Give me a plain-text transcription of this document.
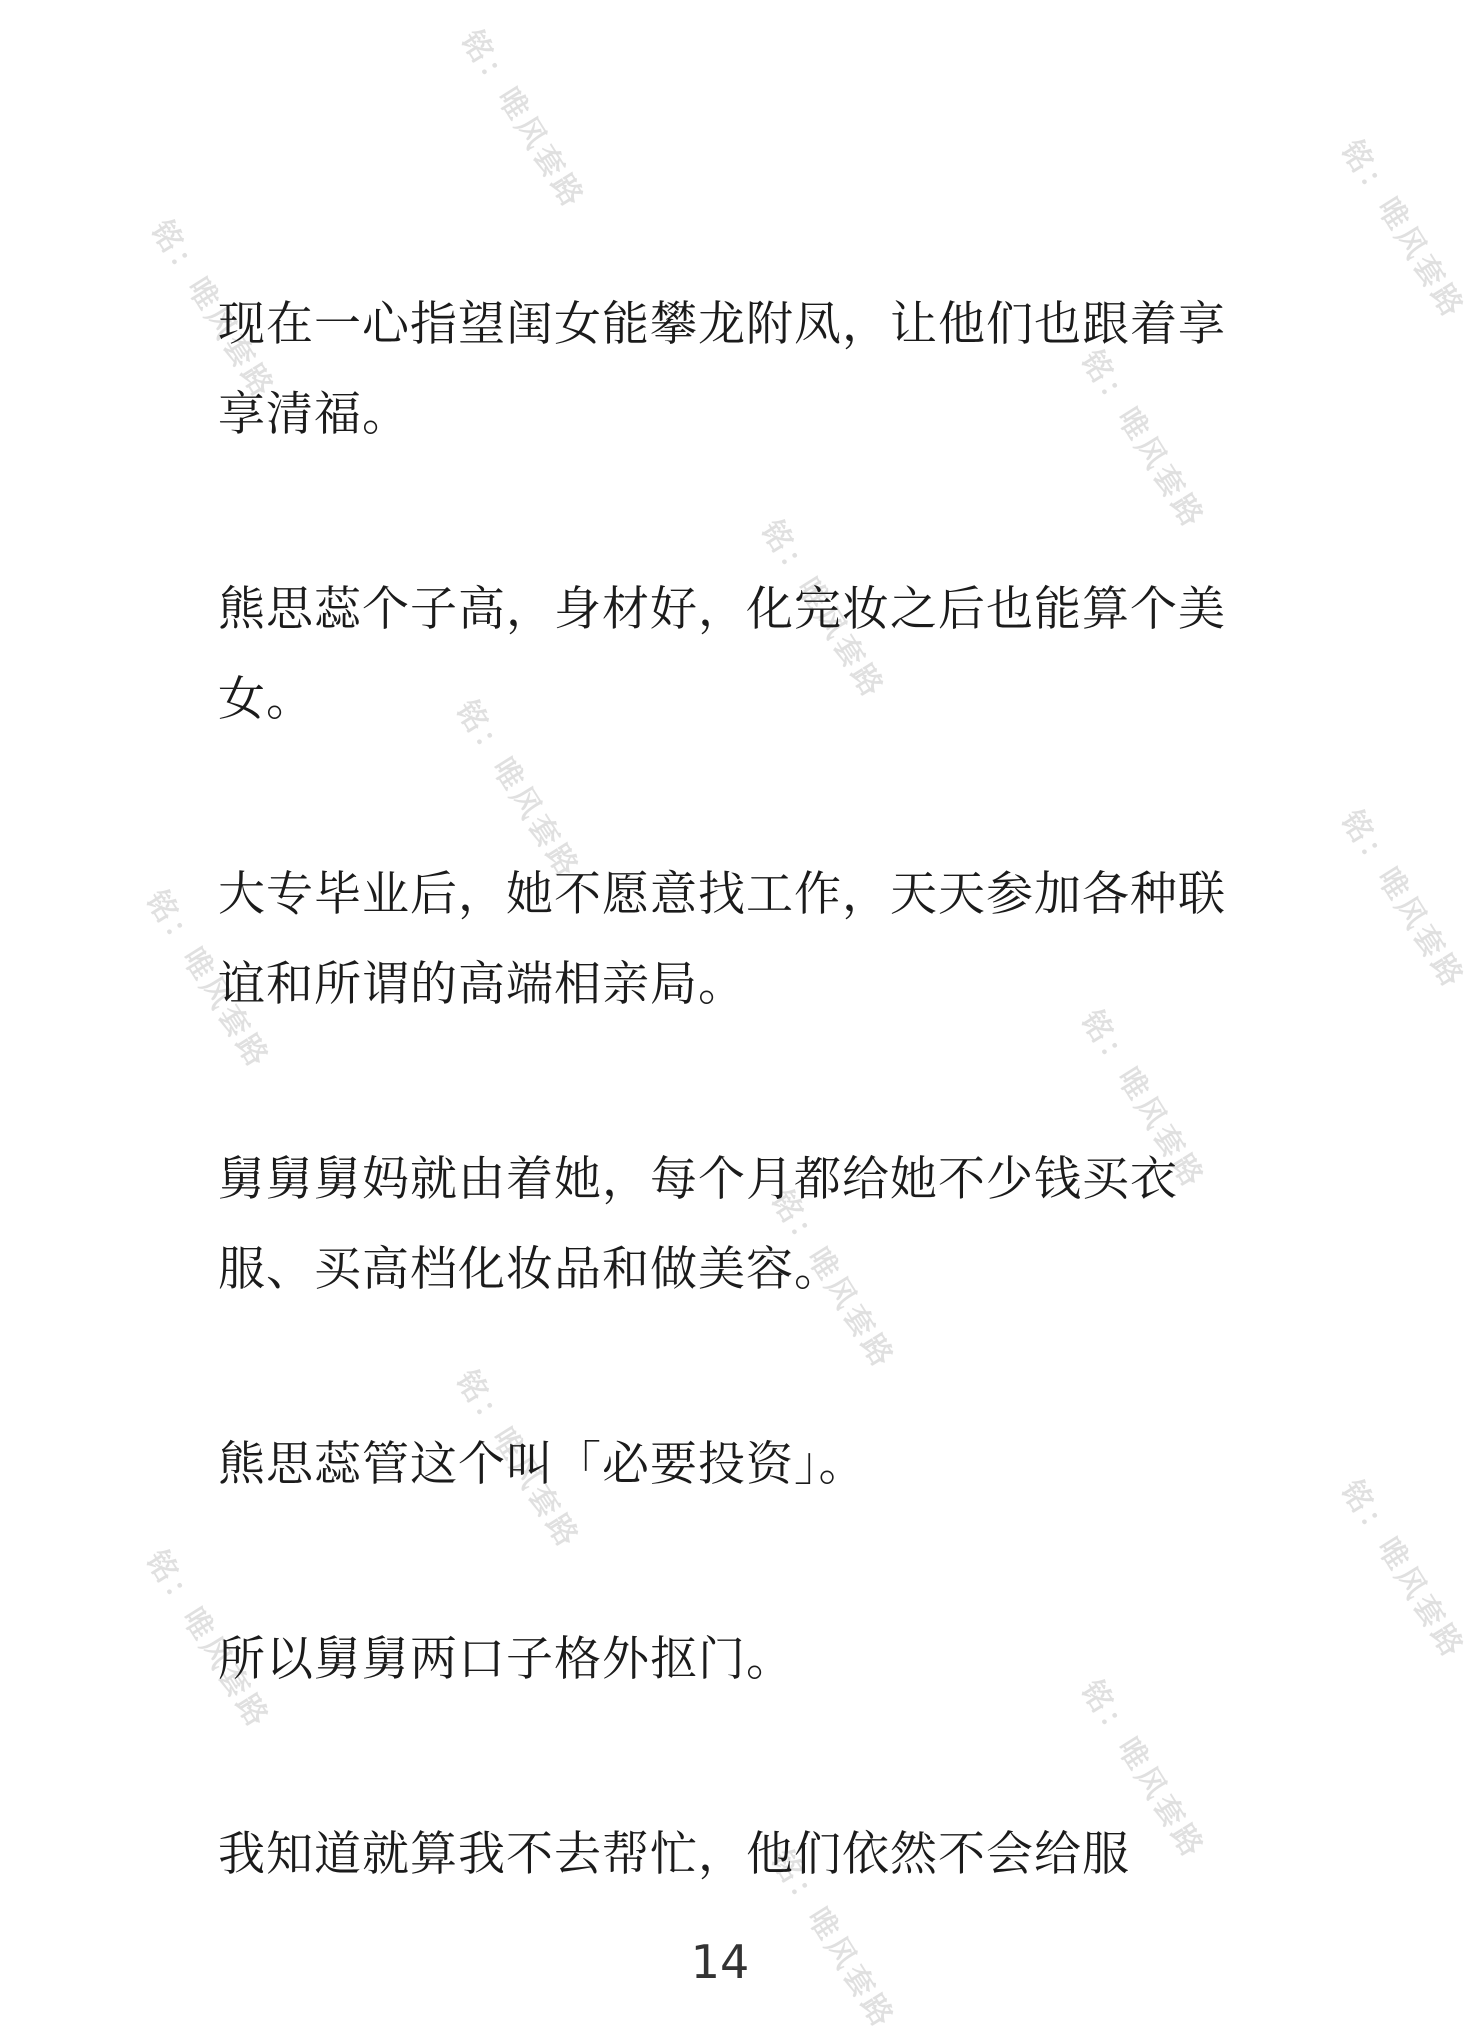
铭：唯风套路
铭：唯风套路	铭：唯风套路
铭：唯风套路
铭：唯风套路
铭：唯风套路
铭：唯风套路	铭：唯风套路
铭：唯风套路
铭：唯风套路
铭：唯风套路
铭：唯风套路	铭：唯风套路
铭：唯风套路
铭：唯风套路

现在一心指望闺女能攀龙附凤，让他们也跟着享享清福。

熊思蕊个子高，身材好，化完妆之后也能算个美女。

大专毕业后，她不愿意找工作，天天参加各种联谊和所谓的高端相亲局。

舅舅舅妈就由着她，每个月都给她不少钱买衣服、买高档化妆品和做美容。

熊思蕊管这个叫「必要投资」。

所以舅舅两口子格外抠门。

我知道就算我不去帮忙，他们依然不会给服

14
